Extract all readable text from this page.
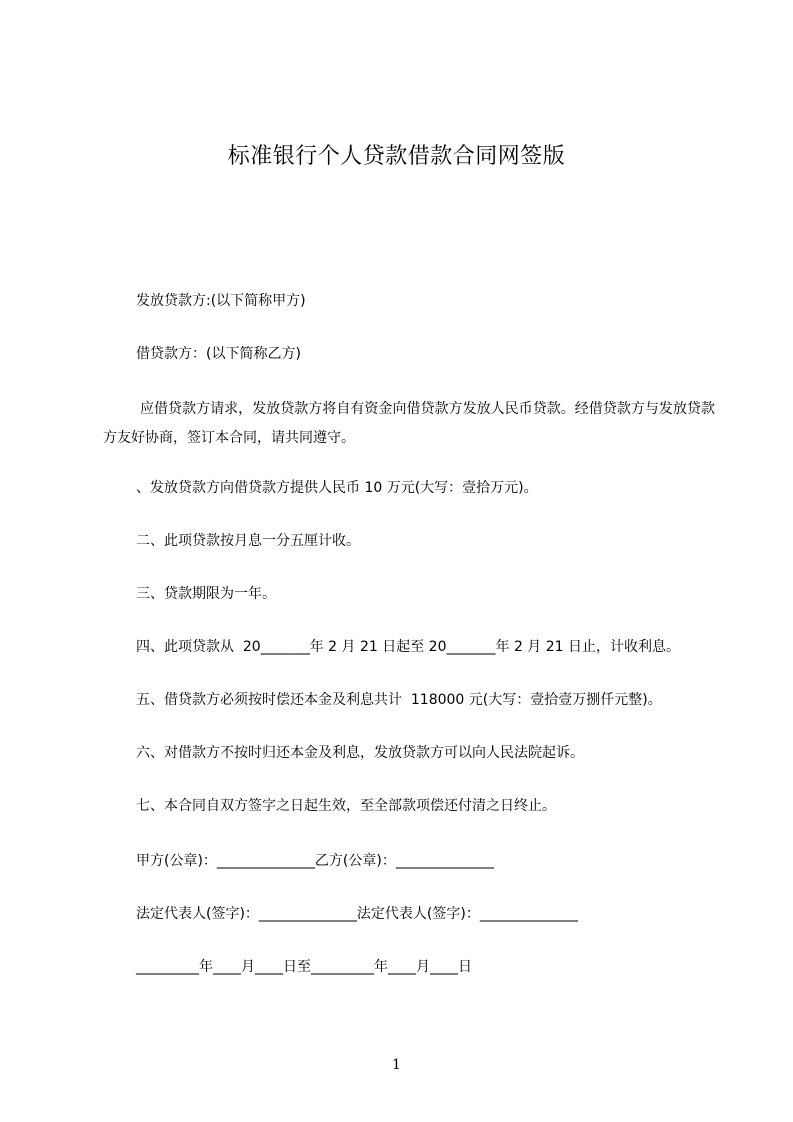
标准银行个人贷款借款合同网签版
发放贷款方:(以下简称甲方)
借贷款方：(以下简称乙方)
应借贷款方请求，发放贷款方将自有资金向借贷款方发放人民币贷款。经借贷款方与发放贷款方友好协商，签订本合同，请共同遵守。
、发放贷款方向借贷款方提供人民币 10 万元(大写：壹拾万元)。
二、此项贷款按月息一分五厘计收。
三、贷款期限为一年。
四、此项贷款从  20_______年 2 月 21 日起至 20_______年 2 月 21 日止，计收利息。
五、借贷款方必须按时偿还本金及利息共计  118000 元(大写：壹拾壹万捌仟元整)。
六、对借款方不按时归还本金及利息，发放贷款方可以向人民法院起诉。
七、本合同自双方签字之日起生效，至全部款项偿还付清之日终止。
甲方(公章)：______________乙方(公章)：______________
法定代表人(签字)：______________法定代表人(签字)：______________
_________年____月____日至_________年____月____日
1
